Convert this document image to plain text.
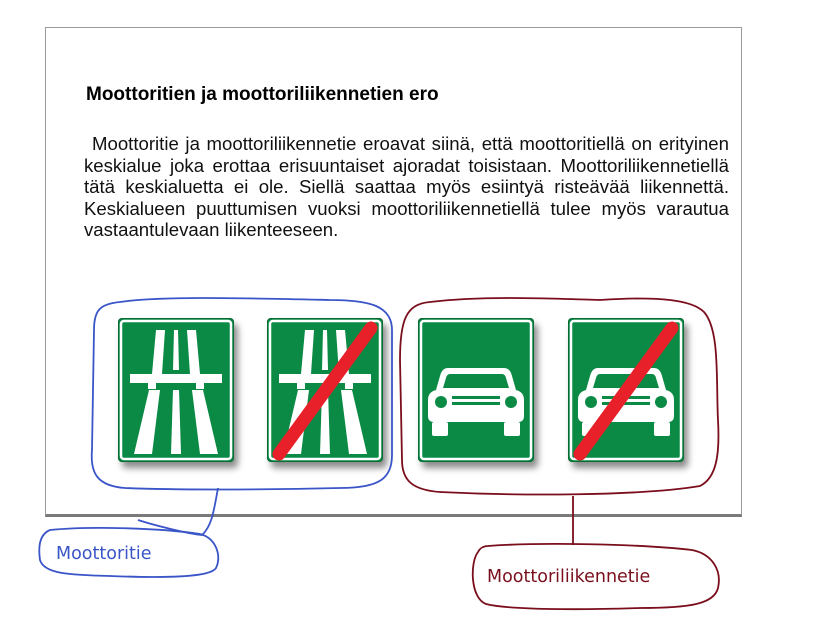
Moottoritien ja moottoriliikennetien ero
Moottoritie ja moottoriliikennetie eroavat siinä, että moottoritiellä on erityinen keskialue joka erottaa erisuuntaiset ajoradat toisistaan. Moottoriliikennetiellä tätä keskialuetta ei ole. Siellä saattaa myös esiintyä risteävää liikennettä. Keskialueen puuttumisen vuoksi moottoriliikennetiellä tulee myös varautua vastaantulevaan liikenteeseen.
Moottoritie
Moottoriliikennetie
